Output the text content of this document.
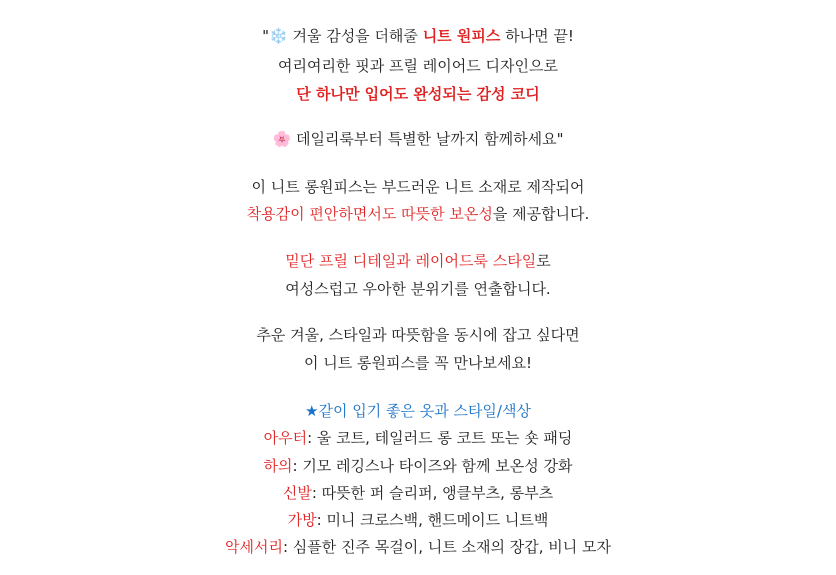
"❄️ 겨울 감성을 더해줄 니트 원피스 하나면 끝!
여리여리한 핏과 프릴 레이어드 디자인으로
단 하나만 입어도 완성되는 감성 코디
🌸 데일리룩부터 특별한 날까지 함께하세요"
이 니트 롱원피스는 부드러운 니트 소재로 제작되어
착용감이 편안하면서도 따뜻한 보온성을 제공합니다.
밑단 프릴 디테일과 레이어드룩 스타일로
여성스럽고 우아한 분위기를 연출합니다.
추운 겨울, 스타일과 따뜻함을 동시에 잡고 싶다면
이 니트 롱원피스를 꼭 만나보세요!
★같이 입기 좋은 옷과 스타일/색상
아우터: 울 코트, 테일러드 롱 코트 또는 숏 패딩
하의: 기모 레깅스나 타이즈와 함께 보온성 강화
신발: 따뜻한 퍼 슬리퍼, 앵클부츠, 롱부츠
가방: 미니 크로스백, 핸드메이드 니트백
악세서리: 심플한 진주 목걸이, 니트 소재의 장갑, 비니 모자
